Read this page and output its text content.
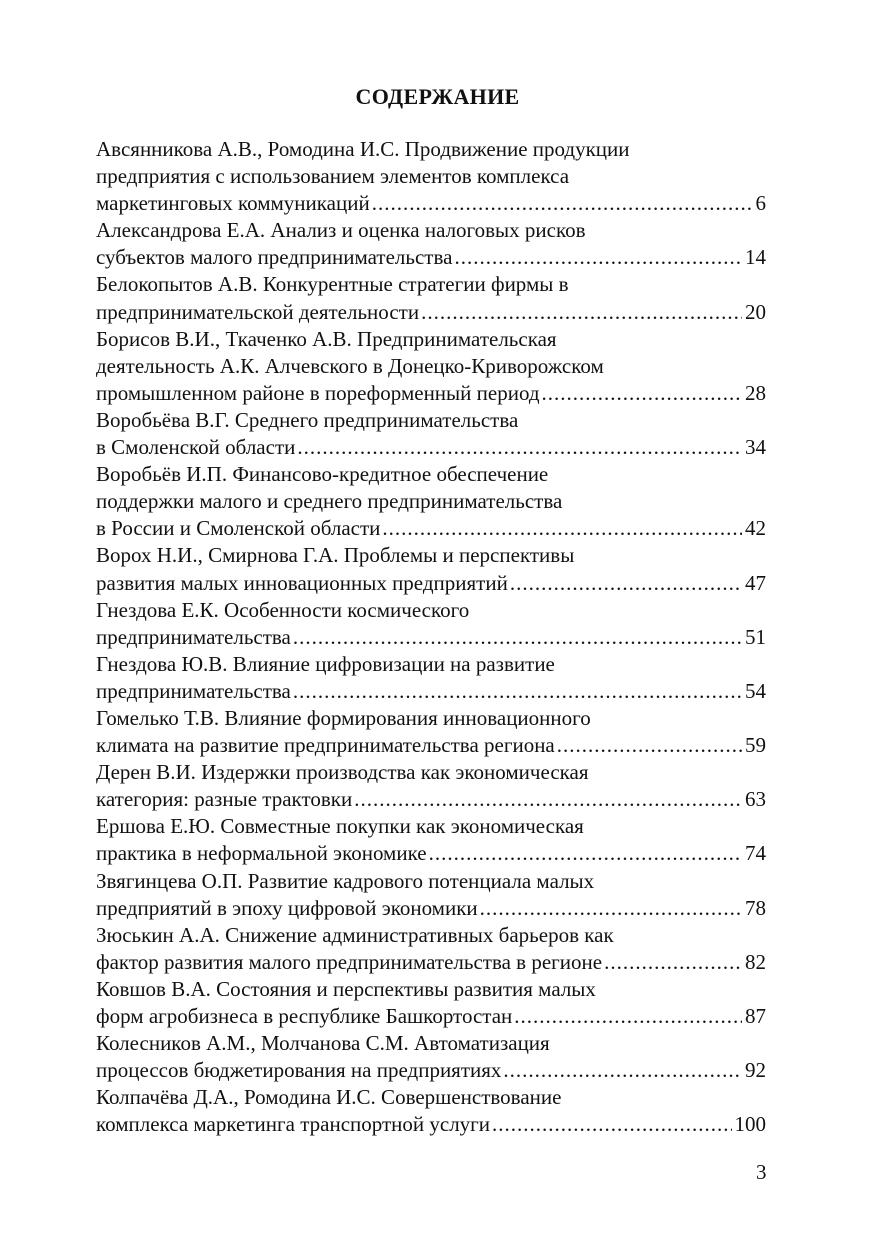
СОДЕРЖАНИЕ
Авсянникова А.В., Ромодина И.С. Продвижение продукции
предприятия с использованием элементов комплекса
маркетинговых коммуникаций .....	6
Александрова Е.А. Анализ и оценка налоговых рисков
субъектов малого предпринимательства .....	14
Белокопытов А.В. Конкурентные стратегии фирмы в
предпринимательской деятельности .....	20
Борисов В.И., Ткаченко А.В. Предпринимательская
деятельность А.К. Алчевского в Донецко-Криворожском
промышленном районе в пореформенный период .....	28
Воробьёва В.Г. Среднего предпринимательства
в Смоленской области .....	34
Воробьёв И.П. Финансово-кредитное обеспечение
поддержки малого и среднего предпринимательства
в России и Смоленской области .....	42
Ворох Н.И., Смирнова Г.А. Проблемы и перспективы
развития малых инновационных предприятий .....	47
Гнездова Е.К. Особенности космического
предпринимательства .....	51
Гнездова Ю.В. Влияние цифровизации на развитие
предпринимательства .....	54
Гомелько Т.В. Влияние формирования инновационного
климата на развитие предпринимательства региона .....	59
Дерен В.И. Издержки производства как экономическая
категория: разные трактовки .....	63
Ершова Е.Ю. Совместные покупки как экономическая
практика в неформальной экономике .....	74
Звягинцева О.П. Развитие кадрового потенциала малых
предприятий в эпоху цифровой экономики .....	78
Зюськин А.А. Снижение административных барьеров как
фактор развития малого предпринимательства в регионе .....	82
Ковшов В.А. Состояния и перспективы развития малых
форм агробизнеса в республике Башкортостан .....	87
Колесников А.М., Молчанова С.М. Автоматизация
процессов бюджетирования на предприятиях .....	92
Колпачёва Д.А., Ромодина И.С. Совершенствование
комплекса маркетинга транспортной услуги .....	100
3
